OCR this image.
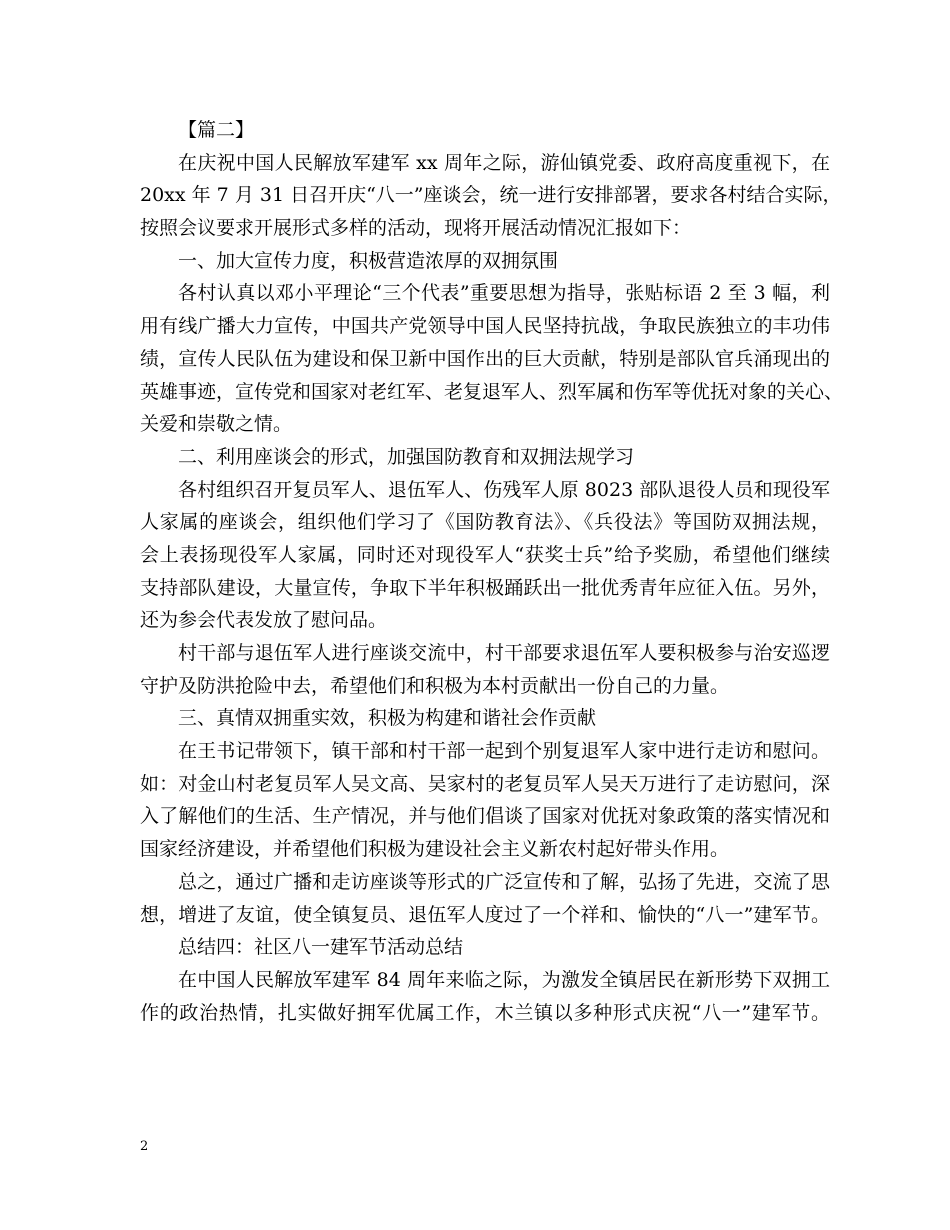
【篇二】
在庆祝中国人民解放军建军 xx 周年之际，游仙镇党委、政府高度重视下，在
20xx 年 7 月 31 日召开庆“八一”座谈会，统一进行安排部署，要求各村结合实际，
按照会议要求开展形式多样的活动，现将开展活动情况汇报如下：
一、加大宣传力度，积极营造浓厚的双拥氛围
各村认真以邓小平理论“三个代表”重要思想为指导，张贴标语 2 至 3 幅，利
用有线广播大力宣传，中国共产党领导中国人民坚持抗战，争取民族独立的丰功伟
绩，宣传人民队伍为建设和保卫新中国作出的巨大贡献，特别是部队官兵涌现出的
英雄事迹，宣传党和国家对老红军、老复退军人、烈军属和伤军等优抚对象的关心、
关爱和崇敬之情。
二、利用座谈会的形式，加强国防教育和双拥法规学习
各村组织召开复员军人、退伍军人、伤残军人原 8023 部队退役人员和现役军
人家属的座谈会，组织他们学习了《国防教育法》、《兵役法》等国防双拥法规，
会上表扬现役军人家属，同时还对现役军人“获奖士兵”给予奖励，希望他们继续
支持部队建设，大量宣传，争取下半年积极踊跃出一批优秀青年应征入伍。另外，
还为参会代表发放了慰问品。
村干部与退伍军人进行座谈交流中，村干部要求退伍军人要积极参与治安巡逻
守护及防洪抢险中去，希望他们和积极为本村贡献出一份自己的力量。
三、真情双拥重实效，积极为构建和谐社会作贡献
在王书记带领下，镇干部和村干部一起到个别复退军人家中进行走访和慰问。
如：对金山村老复员军人吴文高、吴家村的老复员军人吴天万进行了走访慰问，深
入了解他们的生活、生产情况，并与他们倡谈了国家对优抚对象政策的落实情况和
国家经济建设，并希望他们积极为建设社会主义新农村起好带头作用。
总之，通过广播和走访座谈等形式的广泛宣传和了解，弘扬了先进，交流了思
想，增进了友谊，使全镇复员、退伍军人度过了一个祥和、愉快的“八一”建军节。
总结四：社区八一建军节活动总结
在中国人民解放军建军 84 周年来临之际，为激发全镇居民在新形势下双拥工
作的政治热情，扎实做好拥军优属工作，木兰镇以多种形式庆祝“八一”建军节。
2
